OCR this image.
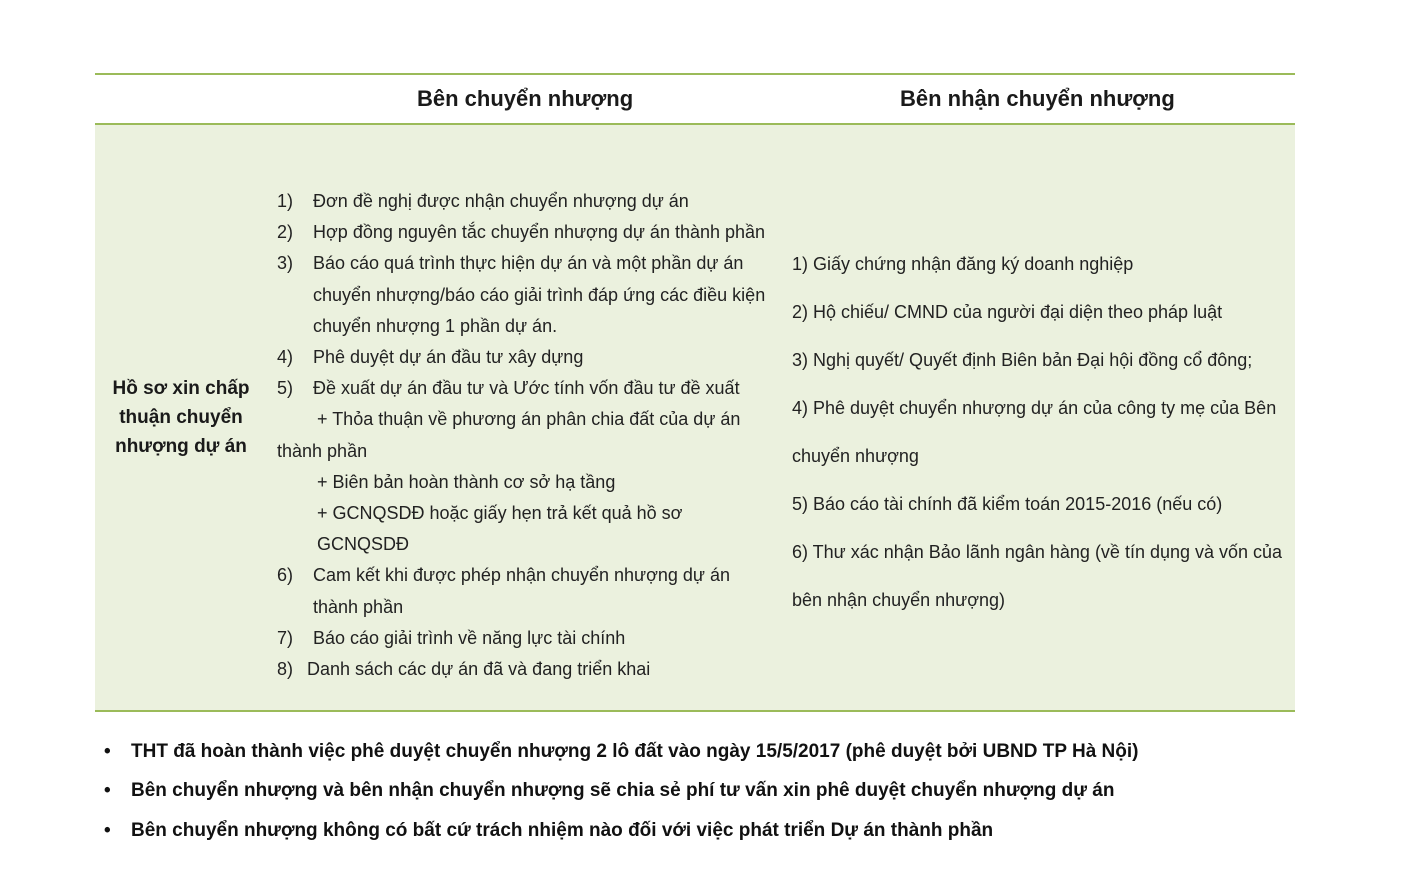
Bên chuyển nhượng	Bên nhận chuyển nhượng
Hồ sơ xin chấp thuận chuyển nhượng dự án
1) Đơn đề nghị được nhận chuyển nhượng dự án
2) Hợp đồng nguyên tắc chuyển nhượng dự án thành phần
3) Báo cáo quá trình thực hiện dự án và một phần dự án chuyển nhượng/báo cáo giải trình đáp ứng các điều kiện chuyển nhượng 1 phần dự án.
4) Phê duyệt dự án đầu tư xây dựng
5) Đề xuất dự án đầu tư và Ước tính vốn đầu tư đề xuất
+ Thỏa thuận về phương án phân chia đất của dự án
thành phần
+ Biên bản hoàn thành cơ sở hạ tầng
+ GCNQSDĐ hoặc giấy hẹn trả kết quả hồ sơ GCNQSDĐ
6) Cam kết khi được phép nhận chuyển nhượng dự án thành phần
7) Báo cáo giải trình về năng lực tài chính
8) Danh sách các dự án đã và đang triển khai
1) Giấy chứng nhận đăng ký doanh nghiệp
2) Hộ chiếu/ CMND của người đại diện theo pháp luật
3) Nghị quyết/ Quyết định Biên bản Đại hội đồng cổ đông;
4) Phê duyệt chuyển nhượng dự án của công ty mẹ của Bên chuyển nhượng
5) Báo cáo tài chính đã kiểm toán 2015-2016 (nếu có)
6) Thư xác nhận Bảo lãnh ngân hàng (về tín dụng và vốn của bên nhận chuyển nhượng)
• THT đã hoàn thành việc phê duyệt chuyển nhượng 2 lô đất vào ngày 15/5/2017 (phê duyệt bởi UBND TP Hà Nội)
• Bên chuyển nhượng và bên nhận chuyển nhượng sẽ chia sẻ phí tư vấn xin phê duyệt chuyển nhượng dự án
• Bên chuyển nhượng không có bất cứ trách nhiệm nào đối với việc phát triển Dự án thành phần
